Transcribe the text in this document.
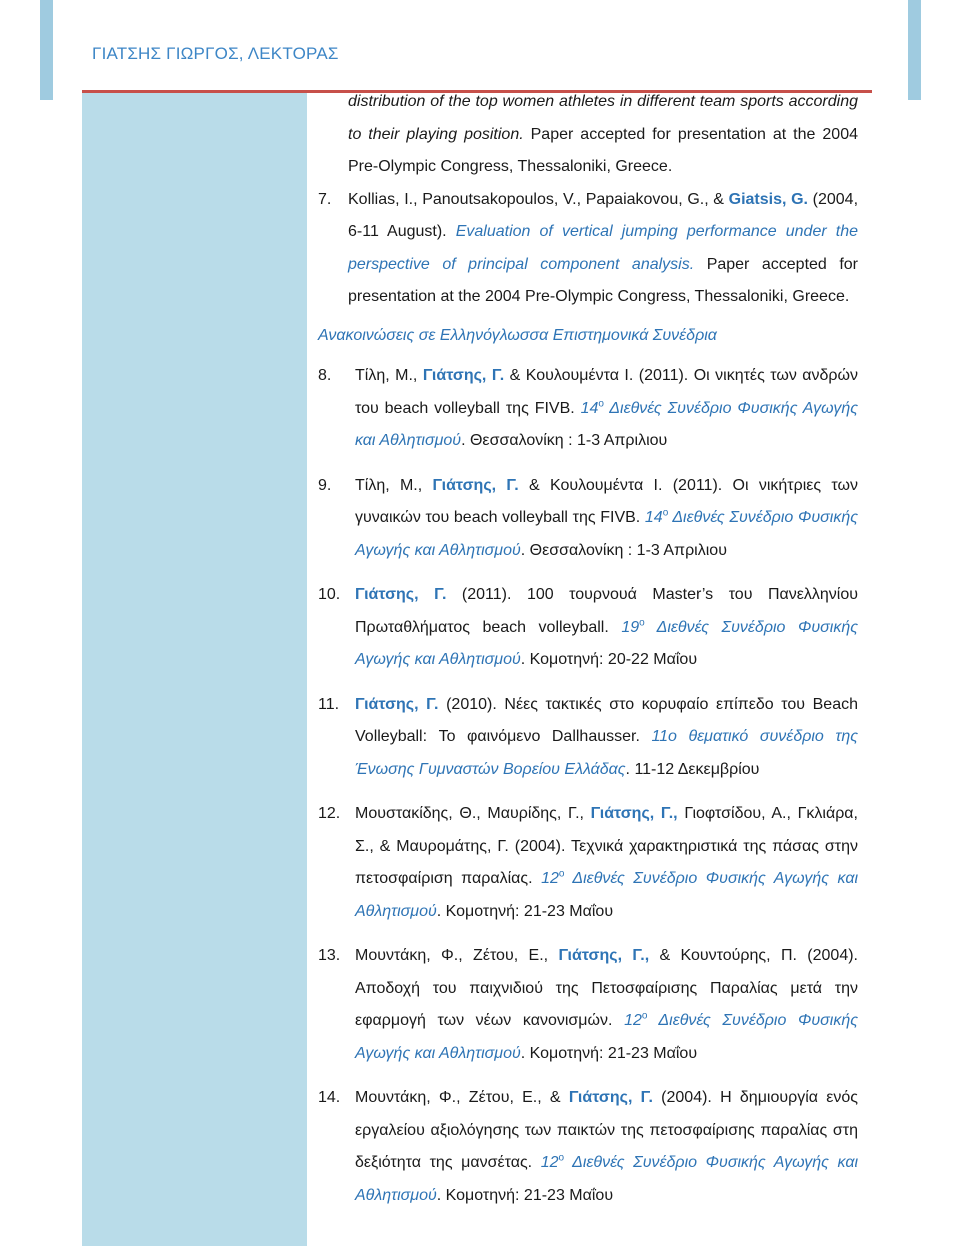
ΓΙΑΤΣΗΣ ΓΙΩΡΓΟΣ, ΛΕΚΤΟΡΑΣ
distribution of the top women athletes in different team sports according to their playing position. Paper accepted for presentation at the 2004 Pre-Olympic Congress, Thessaloniki, Greece.
7.	Kollias, I., Panoutsakopoulos, V., Papaiakovou, G., & Giatsis, G. (2004, 6-11 August). Evaluation of vertical jumping performance under the perspective of principal component analysis. Paper accepted for presentation at the 2004 Pre-Olympic Congress, Thessaloniki, Greece.
Ανακοινώσεις σε Ελληνόγλωσσα Επιστημονικά Συνέδρια
8.	Τίλη, Μ., Γιάτσης, Γ. & Κουλουμέντα Ι. (2011). Οι νικητές των ανδρών του beach volleyball της FIVB. $14^o$ Διεθνές Συνέδριο Φυσικής Αγωγής και Αθλητισμού. Θεσσαλονίκη : 1-3 Απριλιου
9.	Τίλη, Μ., Γιάτσης, Γ. & Κουλουμέντα Ι. (2011). Οι νικήτριες των γυναικών του beach volleyball της FIVB. $14^o$ Διεθνές Συνέδριο Φυσικής Αγωγής και Αθλητισμού. Θεσσαλονίκη : 1-3 Απριλιου
10. Γιάτσης, Γ. (2011). 100 τουρνουά Master’s του Πανελληνίου Πρωταθλήματος beach volleyball. $19^o$ Διεθνές Συνέδριο Φυσικής Αγωγής και Αθλητισμού. Κομοτηνή: 20-22 Μαΐου
11. Γιάτσης, Γ. (2010). Νέες τακτικές στο κορυφαίο επίπεδο του Beach Volleyball: Το φαινόμενο Dallhausser. 11ο θεματικό συνέδριο της Ένωσης Γυμναστών Βορείου Ελλάδας. 11-12 Δεκεμβρίου
12. Μουστακίδης, Θ., Μαυρίδης, Γ., Γιάτσης, Γ., Γιοφτσίδου, Α., Γκλιάρα, Σ., & Μαυρομάτης, Γ. (2004). Τεχνικά χαρακτηριστικά της πάσας στην πετοσφαίριση παραλίας. $12^o$ Διεθνές Συνέδριο Φυσικής Αγωγής και Αθλητισμού. Κομοτηνή: 21-23 Μαΐου
13. Μουντάκη, Φ., Ζέτου, Ε., Γιάτσης, Γ., & Κουντούρης, Π. (2004). Αποδοχή του παιχνιδιού της Πετοσφαίρισης Παραλίας μετά την εφαρμογή των νέων κανονισμών. $12^o$ Διεθνές Συνέδριο Φυσικής Αγωγής και Αθλητισμού. Κομοτηνή: 21-23 Μαΐου
14. Μουντάκη, Φ., Ζέτου, Ε., & Γιάτσης, Γ. (2004). Η δημιουργία ενός εργαλείου αξιολόγησης των παικτών της πετοσφαίρισης παραλίας στη δεξιότητα της μανσέτας. $12^o$ Διεθνές Συνέδριο Φυσικής Αγωγής και Αθλητισμού. Κομοτηνή: 21-23 Μαΐου
